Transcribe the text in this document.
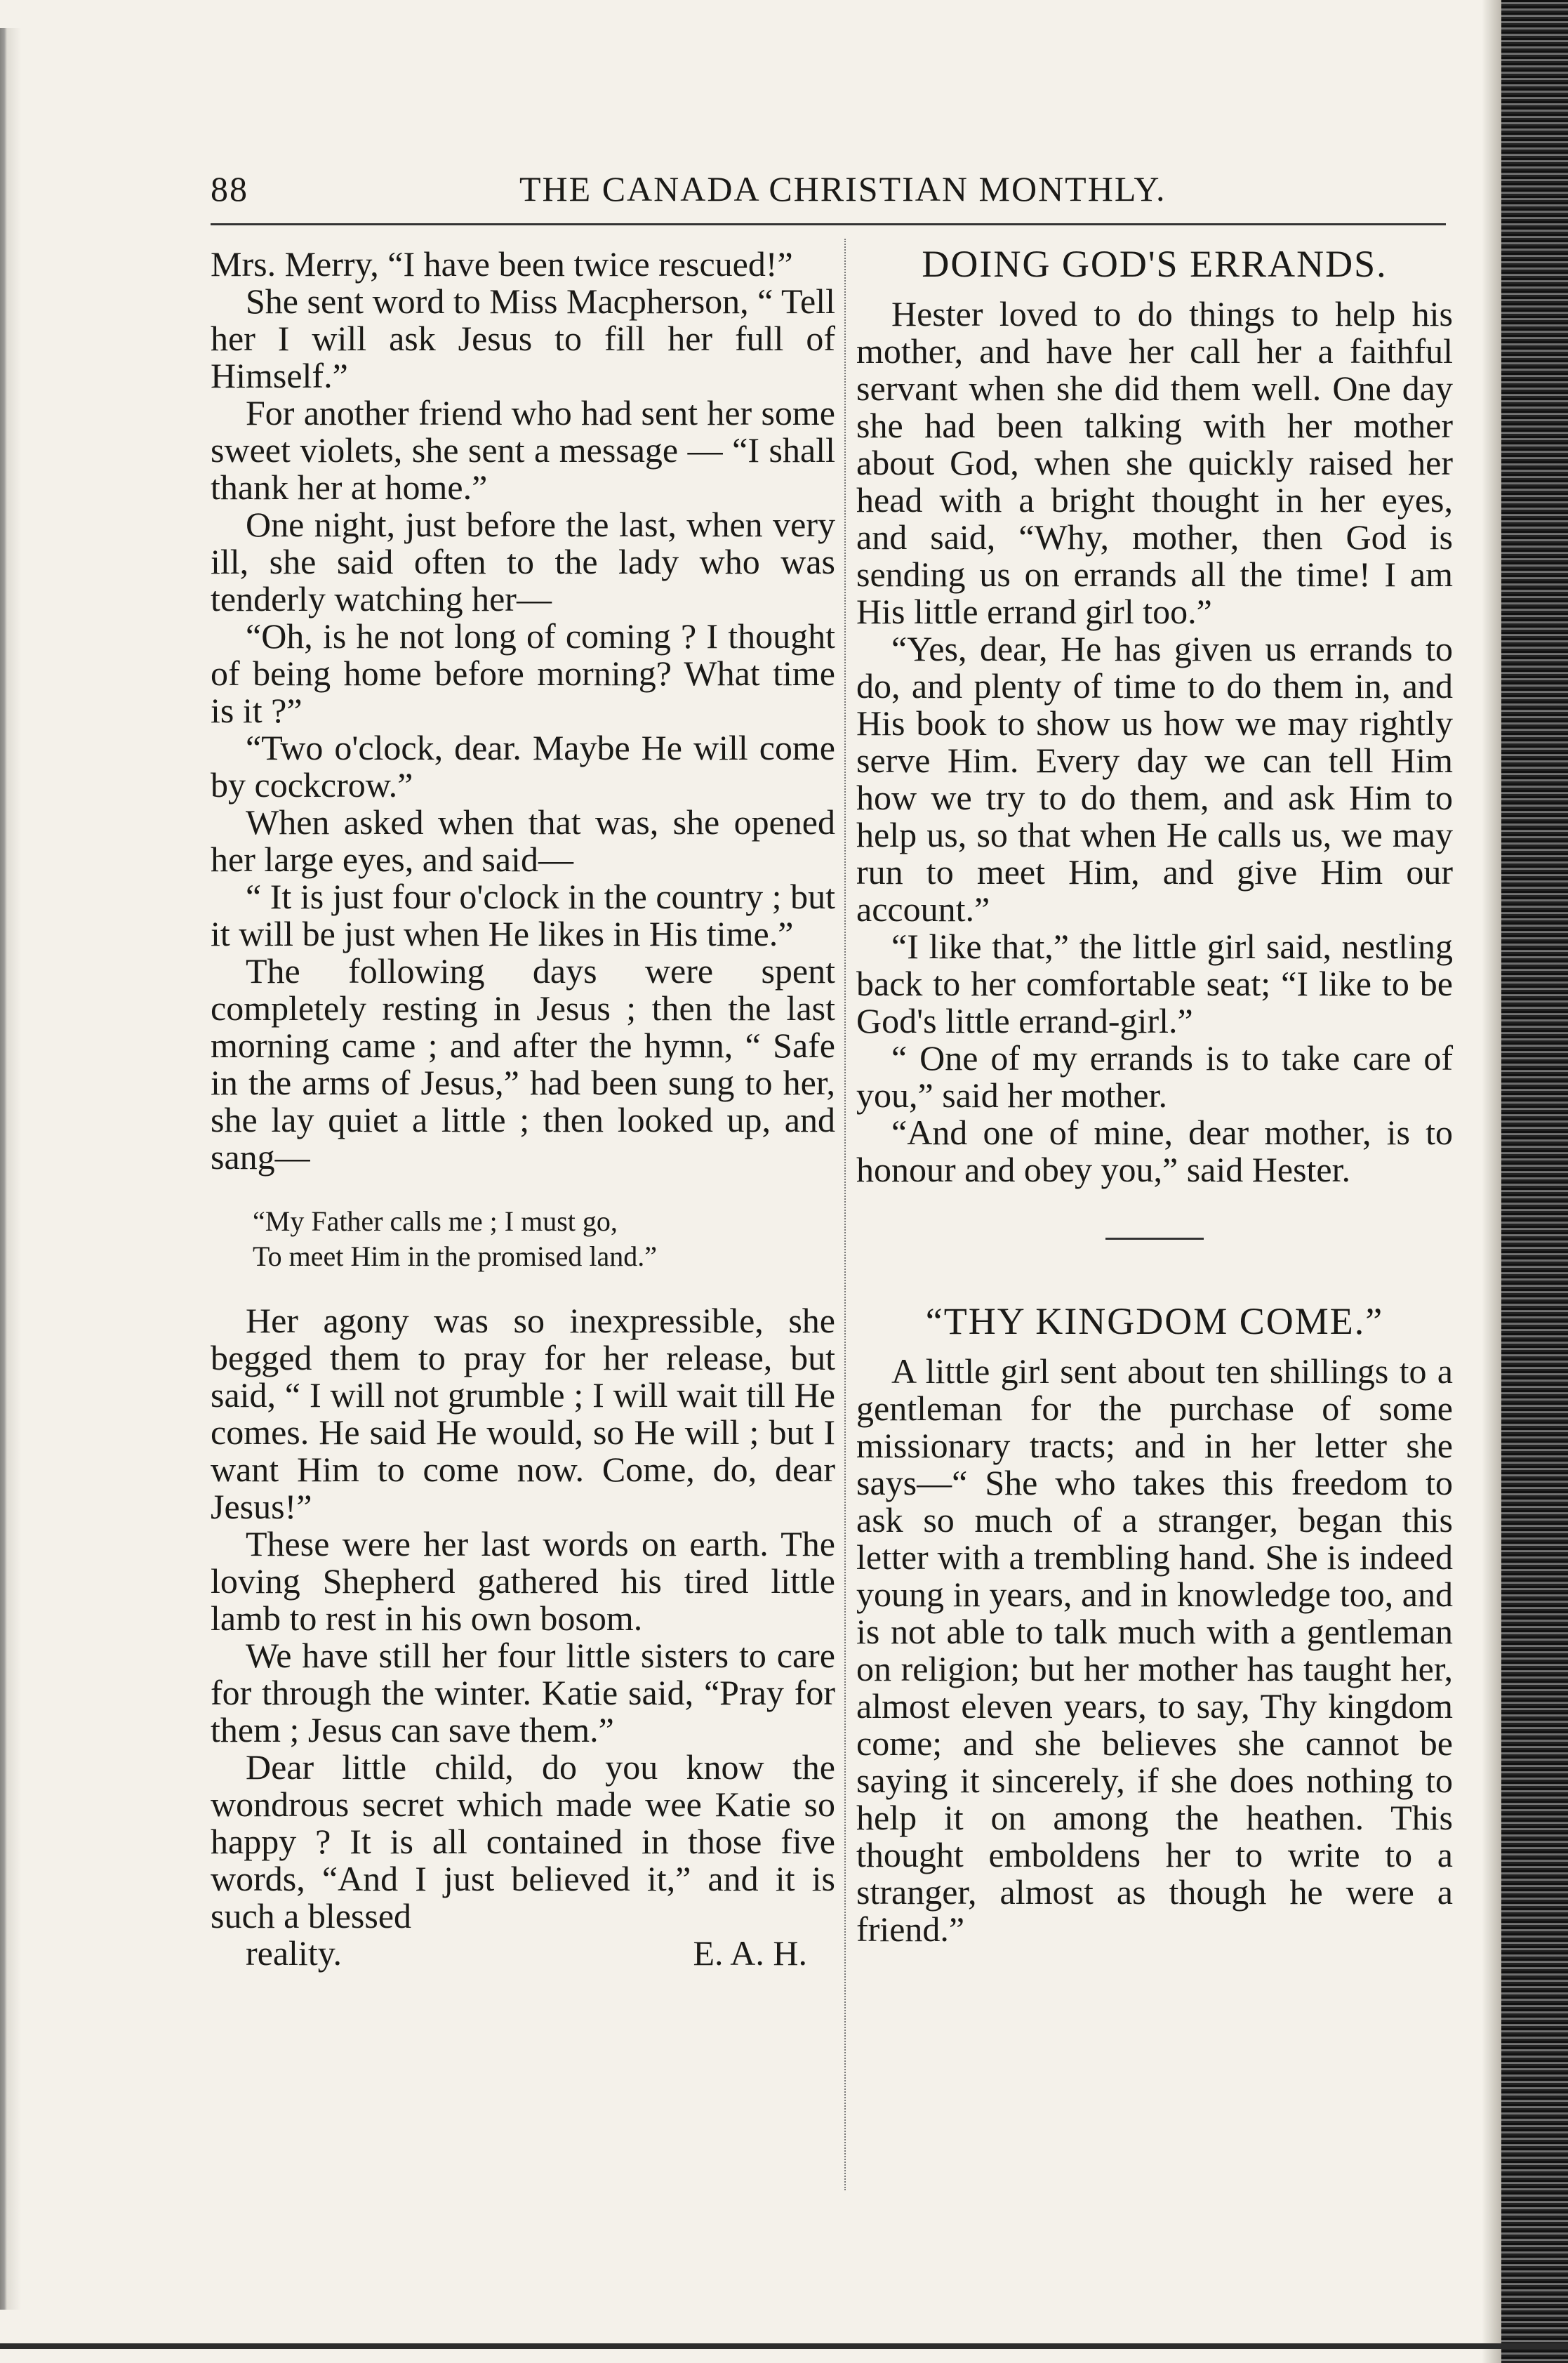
88	THE CANADA CHRISTIAN MONTHLY.

Mrs. Merry, “I have been twice rescued!”

She sent word to Miss Macpherson, “ Tell her I will ask Jesus to fill her full of Himself.”

For another friend who had sent her some sweet violets, she sent a message — “I shall thank her at home.”

One night, just before the last, when very ill, she said often to the lady who was tenderly watching her—

“Oh, is he not long of coming ? I thought of being home before morning? What time is it ?”

“Two o'clock, dear. Maybe He will come by cockcrow.”

When asked when that was, she opened her large eyes, and said—

“ It is just four o'clock in the country ; but it will be just when He likes in His time.”

The following days were spent completely resting in Jesus ; then the last morning came ; and after the hymn, “ Safe in the arms of Jesus,” had been sung to her, she lay quiet a little ; then looked up, and sang—

“My Father calls me ; I must go,
To meet Him in the promised land.”

Her agony was so inexpressible, she begged them to pray for her release, but said, “ I will not grumble ; I will wait till He comes. He said He would, so He will ; but I want Him to come now. Come, do, dear Jesus!”

These were her last words on earth. The loving Shepherd gathered his tired little lamb to rest in his own bosom.

We have still her four little sisters to care for through the winter. Katie said, “Pray for them ; Jesus can save them.”

Dear little child, do you know the wondrous secret which made wee Katie so happy ? It is all contained in those five words, “And I just believed it,” and it is such a blessed

reality.	E. A. H.

DOING GOD'S ERRANDS.

Hester loved to do things to help his mother, and have her call her a faithful servant when she did them well. One day she had been talking with her mother about God, when she quickly raised her head with a bright thought in her eyes, and said, “Why, mother, then God is sending us on errands all the time! I am His little errand girl too.”

“Yes, dear, He has given us errands to do, and plenty of time to do them in, and His book to show us how we may rightly serve Him. Every day we can tell Him how we try to do them, and ask Him to help us, so that when He calls us, we may run to meet Him, and give Him our account.”

“I like that,” the little girl said, nestling back to her comfortable seat; “I like to be God's little errand-girl.”

“ One of my errands is to take care of you,” said her mother.

“And one of mine, dear mother, is to honour and obey you,” said Hester.

“THY KINGDOM COME.”

A little girl sent about ten shillings to a gentleman for the purchase of some missionary tracts; and in her letter she says—“ She who takes this freedom to ask so much of a stranger, began this letter with a trembling hand. She is indeed young in years, and in knowledge too, and is not able to talk much with a gentleman on religion; but her mother has taught her, almost eleven years, to say, Thy kingdom come; and she believes she cannot be saying it sincerely, if she does nothing to help it on among the heathen. This thought emboldens her to write to a stranger, almost as though he were a friend.”
